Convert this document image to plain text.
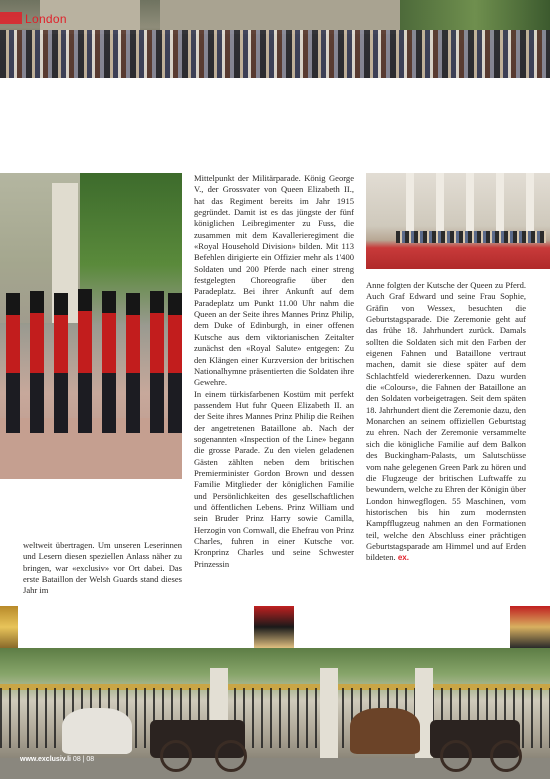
London

weltweit übertragen. Um unseren Leserinnen und Lesern diesen speziellen Anlass näher zu bringen, war «exclusiv» vor Ort dabei. Das erste Bataillon der Welsh Guards stand dieses Jahr im

Mittelpunkt der Militärparade. König George V., der Grossvater von Queen Elizabeth II., hat das Regiment bereits im Jahr 1915 gegründet. Damit ist es das jüngste der fünf königlichen Leibregimenter zu Fuss, die zusammen mit dem Kavallerieregiment die «Royal Household Division» bilden. Mit 113 Befehlen dirigierte ein Offizier mehr als 1'400 Soldaten und 200 Pferde nach einer streng festgelegten Choreografie über den Paradeplatz. Bei ihrer Ankunft auf dem Paradeplatz um Punkt 11.00 Uhr nahm die Queen an der Seite ihres Mannes Prinz Philip, dem Duke of Edinburgh, in einer offenen Kutsche aus dem viktorianischen Zeitalter zunächst den «Royal Salute» entgegen: Zu den Klängen einer Kurzversion der britischen Nationalhymne präsentierten die Soldaten ihre Gewehre.

In einem türkisfarbenen Kostüm mit perfekt passendem Hut fuhr Queen Elizabeth II. an der Seite ihres Mannes Prinz Philip die Reihen der angetretenen Bataillone ab. Nach der sogenannten «Inspection of the Line» begann die grosse Parade. Zu den vielen geladenen Gästen zählten neben dem britischen Premierminister Gordon Brown und dessen Familie Mitglieder der königlichen Familie und Persönlichkeiten des gesellschaftlichen und öffentlichen Lebens. Prinz William und sein Bruder Prinz Harry sowie Camilla, Herzogin von Cornwall, die Ehefrau von Prinz Charles, fuhren in einer Kutsche vor. Kronprinz Charles und seine Schwester Prinzessin

Anne folgten der Kutsche der Queen zu Pferd. Auch Graf Edward und seine Frau Sophie, Gräfin von Wessex, besuchten die Geburtstagsparade. Die Zeremonie geht auf das frühe 18. Jahrhundert zurück. Damals sollten die Soldaten sich mit den Farben der eigenen Fahnen und Bataillone vertraut machen, damit sie diese später auf dem Schlachtfeld wiedererkennen. Dazu wurden die «Colours», die Fahnen der Bataillone an den Soldaten vorbeigetragen. Seit dem späten 18. Jahrhundert dient die Zeremonie dazu, den Monarchen an seinem offiziellen Geburtstag zu ehren. Nach der Zeremonie versammelte sich die königliche Familie auf dem Balkon des Buckingham-Palasts, um Salutschüsse vom nahe gelegenen Green Park zu hören und die Flugzeuge der britischen Luftwaffe zu bewundern, welche zu Ehren der Königin über London hinwegflogen. 55 Maschinen, vom historischen bis hin zum modernsten Kampfflugzeug nahmen an den Formationen teil, welche den Abschluss einer prächtigen Geburtstagsparade am Himmel und auf Erden bildeten. ex.

www.exclusiv.li 08 | 08
